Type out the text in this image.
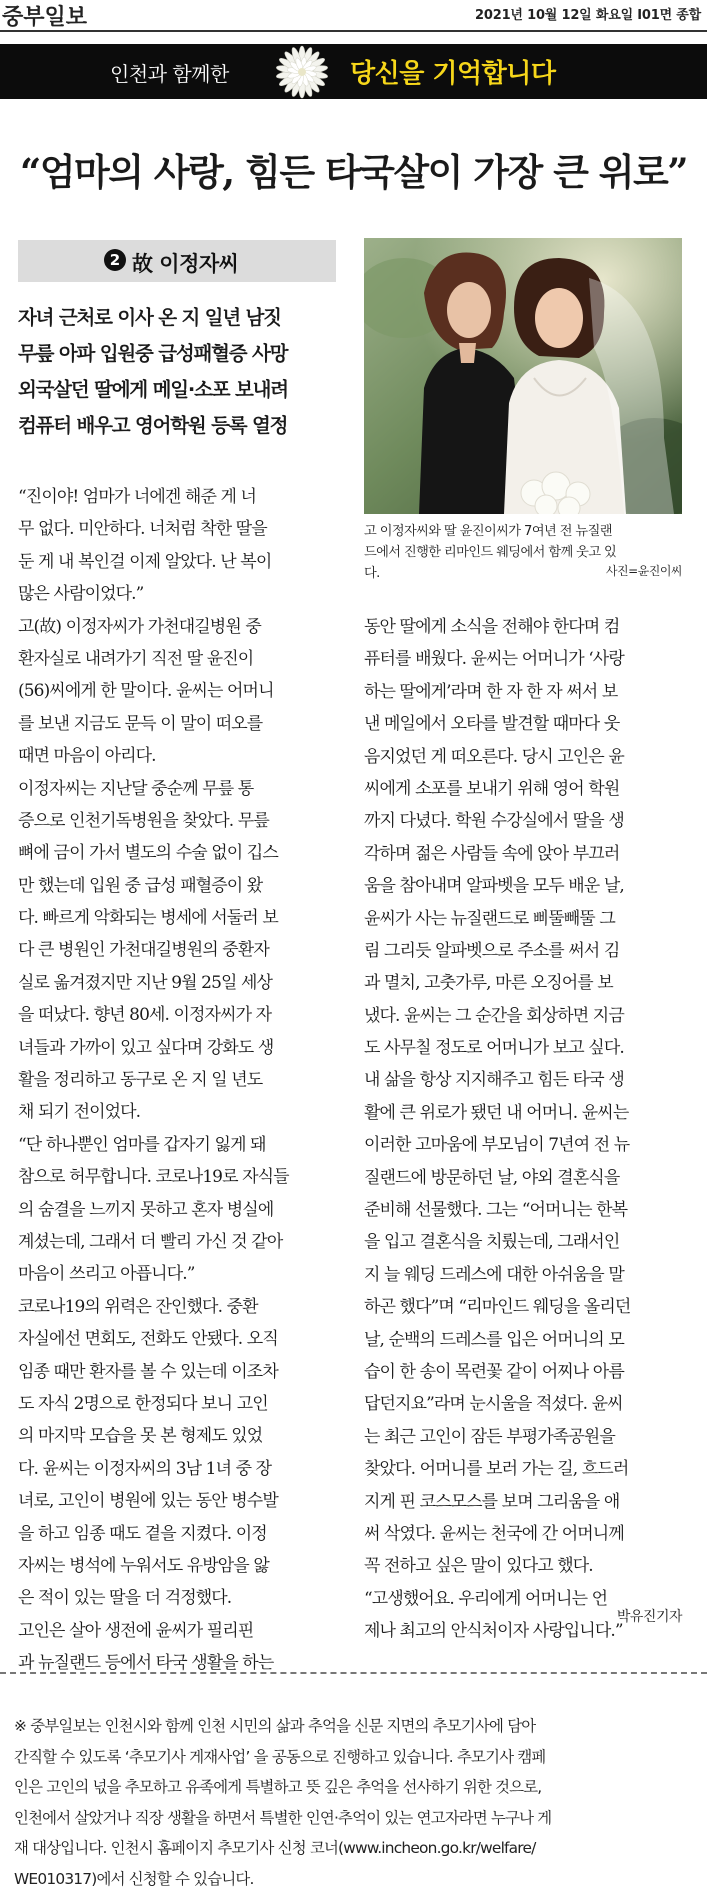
중부일보	2021년 10월 12일 화요일 I01면 종합
인천과 함께한	당신을 기억합니다
“엄마의 사랑, 힘든 타국살이 가장 큰 위로”
2 故 이정자씨
자녀 근처로 이사 온 지 일년 남짓
무릎 아파 입원중 급성패혈증 사망
외국살던 딸에게 메일·소포 보내려
컴퓨터 배우고 영어학원 등록 열정
고 이정자씨와 딸 윤진이씨가 7여년 전 뉴질랜
드에서 진행한 리마인드 웨딩에서 함께 웃고 있
다.	사진=윤진이씨
“진이야! 엄마가 너에겐 해준 게 너
무 없다. 미안하다. 너처럼 착한 딸을
둔 게 내 복인걸 이제 알았다. 난 복이
많은 사람이었다.”
고(故) 이정자씨가 가천대길병원 중
환자실로 내려가기 직전 딸 윤진이
(56)씨에게 한 말이다. 윤씨는 어머니
를 보낸 지금도 문득 이 말이 떠오를
때면 마음이 아리다.
이정자씨는 지난달 중순께 무릎 통
증으로 인천기독병원을 찾았다. 무릎
뼈에 금이 가서 별도의 수술 없이 깁스
만 했는데 입원 중 급성 패혈증이 왔
다. 빠르게 악화되는 병세에 서둘러 보
다 큰 병원인 가천대길병원의 중환자
실로 옮겨졌지만 지난 9월 25일 세상
을 떠났다. 향년 80세. 이정자씨가 자
녀들과 가까이 있고 싶다며 강화도 생
활을 정리하고 동구로 온 지 일 년도
채 되기 전이었다.
“단 하나뿐인 엄마를 갑자기 잃게 돼
참으로 허무합니다. 코로나19로 자식들
의 숨결을 느끼지 못하고 혼자 병실에
계셨는데, 그래서 더 빨리 가신 것 같아
마음이 쓰리고 아픕니다.”
코로나19의 위력은 잔인했다. 중환
자실에선 면회도, 전화도 안됐다. 오직
임종 때만 환자를 볼 수 있는데 이조차
도 자식 2명으로 한정되다 보니 고인
의 마지막 모습을 못 본 형제도 있었
다. 윤씨는 이정자씨의 3남 1녀 중 장
녀로, 고인이 병원에 있는 동안 병수발
을 하고 임종 때도 곁을 지켰다. 이정
자씨는 병석에 누워서도 유방암을 앓
은 적이 있는 딸을 더 걱정했다.
고인은 살아 생전에 윤씨가 필리핀
과 뉴질랜드 등에서 타국 생활을 하는
동안 딸에게 소식을 전해야 한다며 컴
퓨터를 배웠다. 윤씨는 어머니가 ‘사랑
하는 딸에게’라며 한 자 한 자 써서 보
낸 메일에서 오타를 발견할 때마다 웃
음지었던 게 떠오른다. 당시 고인은 윤
씨에게 소포를 보내기 위해 영어 학원
까지 다녔다. 학원 수강실에서 딸을 생
각하며 젊은 사람들 속에 앉아 부끄러
움을 참아내며 알파벳을 모두 배운 날,
윤씨가 사는 뉴질랜드로 삐뚤빼뚤 그
림 그리듯 알파벳으로 주소를 써서 김
과 멸치, 고춧가루, 마른 오징어를 보
냈다. 윤씨는 그 순간을 회상하면 지금
도 사무칠 정도로 어머니가 보고 싶다.
내 삶을 항상 지지해주고 힘든 타국 생
활에 큰 위로가 됐던 내 어머니. 윤씨는
이러한 고마움에 부모님이 7년여 전 뉴
질랜드에 방문하던 날, 야외 결혼식을
준비해 선물했다. 그는 “어머니는 한복
을 입고 결혼식을 치뤘는데, 그래서인
지 늘 웨딩 드레스에 대한 아쉬움을 말
하곤 했다”며 “리마인드 웨딩을 올리던
날, 순백의 드레스를 입은 어머니의 모
습이 한 송이 목련꽃 같이 어찌나 아름
답던지요”라며 눈시울을 적셨다. 윤씨
는 최근 고인이 잠든 부평가족공원을
찾았다. 어머니를 보러 가는 길, 흐드러
지게 핀 코스모스를 보며 그리움을 애
써 삭였다. 윤씨는 천국에 간 어머니께
꼭 전하고 싶은 말이 있다고 했다.
“고생했어요. 우리에게 어머니는 언
제나 최고의 안식처이자 사랑입니다.”
박유진기자
※ 중부일보는 인천시와 함께 인천 시민의 삶과 추억을 신문 지면의 추모기사에 담아
간직할 수 있도록 ‘추모기사 게재사업’ 을 공동으로 진행하고 있습니다. 추모기사 캠페
인은 고인의 넋을 추모하고 유족에게 특별하고 뜻 깊은 추억을 선사하기 위한 것으로,
인천에서 살았거나 직장 생활을 하면서 특별한 인연·추억이 있는 연고자라면 누구나 게
재 대상입니다. 인천시 홈페이지 추모기사 신청 코너(www.incheon.go.kr/welfare/
WE010317)에서 신청할 수 있습니다.
